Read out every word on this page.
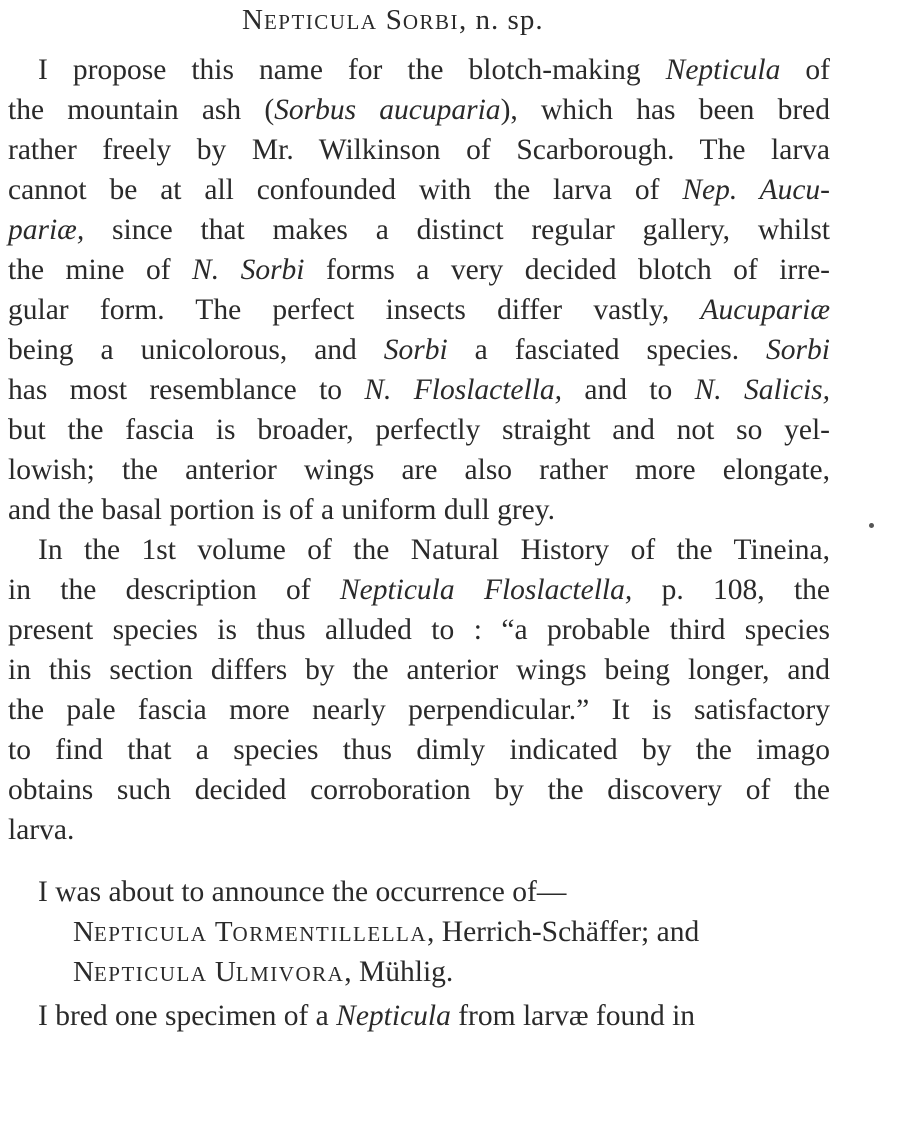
NEPTICULA SORBI, n. sp.
I propose this name for the blotch-making Nepticula of
the mountain ash (Sorbus aucuparia), which has been bred
rather freely by Mr. Wilkinson of Scarborough. The larva
cannot be at all confounded with the larva of Nep. Aucu-
pariæ, since that makes a distinct regular gallery, whilst
the mine of N. Sorbi forms a very decided blotch of irre-
gular form. The perfect insects differ vastly, Aucupariæ
being a unicolorous, and Sorbi a fasciated species. Sorbi
has most resemblance to N. Floslactella, and to N. Salicis,
but the fascia is broader, perfectly straight and not so yel-
lowish; the anterior wings are also rather more elongate,
and the basal portion is of a uniform dull grey.
In the 1st volume of the Natural History of the Tineina,
in the description of Nepticula Floslactella, p. 108, the
present species is thus alluded to : “a probable third species
in this section differs by the anterior wings being longer, and
the pale fascia more nearly perpendicular.” It is satisfactory
to find that a species thus dimly indicated by the imago
obtains such decided corroboration by the discovery of the
larva.
I was about to announce the occurrence of—
NEPTICULA TORMENTILLELLA, Herrich-Schäffer; and
NEPTICULA ULMIVORA, Mühlig.
I bred one specimen of a Nepticula from larvæ found in
